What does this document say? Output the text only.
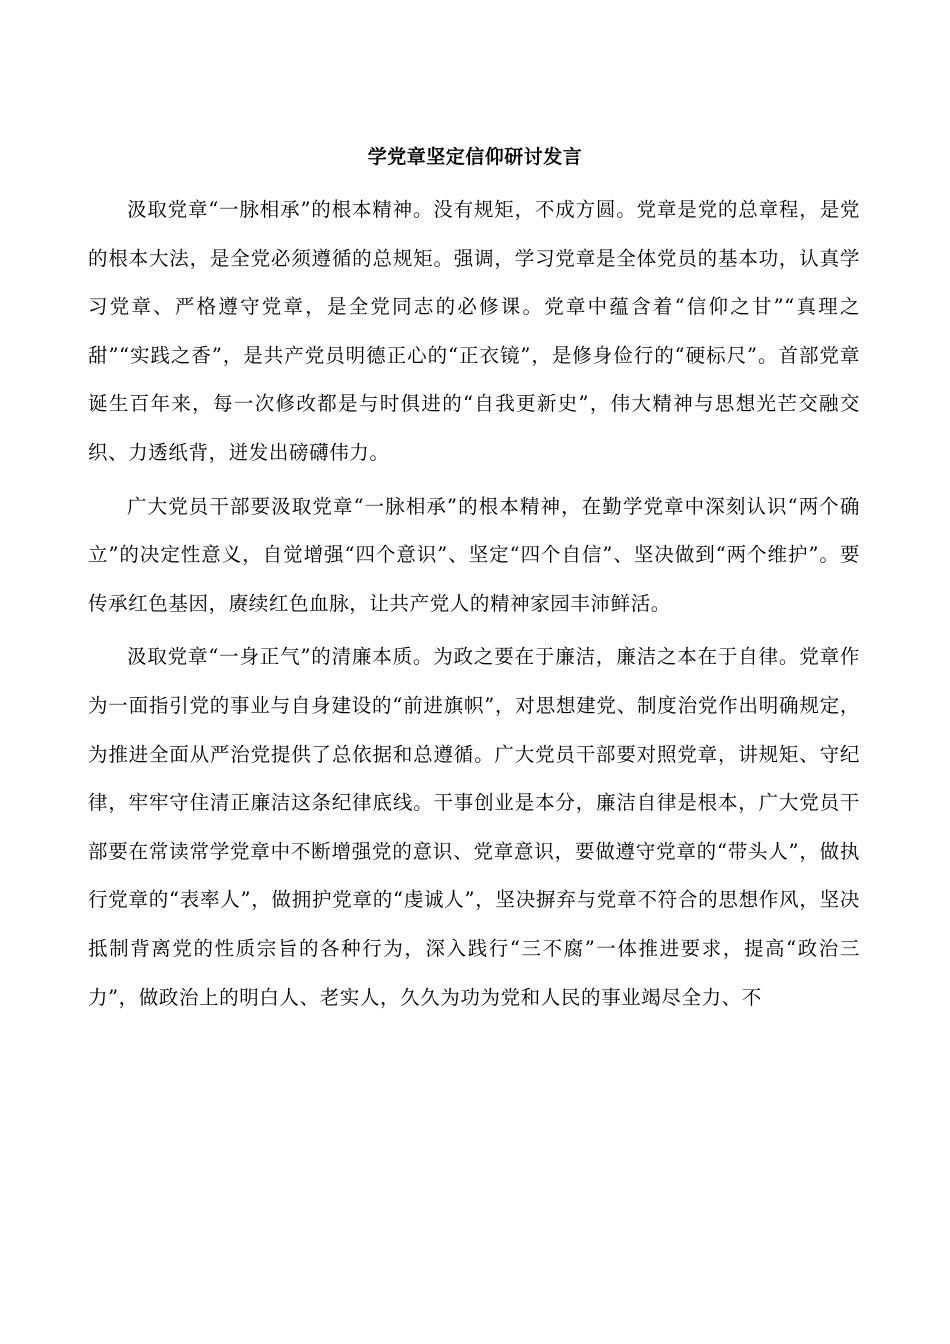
学党章坚定信仰研讨发言

汲取党章“一脉相承”的根本精神。没有规矩，不成方圆。党章是党的总章程，是党的根本大法，是全党必须遵循的总规矩。强调，学习党章是全体党员的基本功，认真学习党章、严格遵守党章，是全党同志的必修课。党章中蕴含着“信仰之甘”“真理之甜”“实践之香”，是共产党员明德正心的“正衣镜”，是修身俭行的“硬标尺”。首部党章诞生百年来，每一次修改都是与时俱进的“自我更新史”，伟大精神与思想光芒交融交织、力透纸背，迸发出磅礴伟力。

广大党员干部要汲取党章“一脉相承”的根本精神，在勤学党章中深刻认识“两个确立”的决定性意义，自觉增强“四个意识”、坚定“四个自信”、坚决做到“两个维护”。要传承红色基因，赓续红色血脉，让共产党人的精神家园丰沛鲜活。

汲取党章“一身正气”的清廉本质。为政之要在于廉洁，廉洁之本在于自律。党章作为一面指引党的事业与自身建设的“前进旗帜”，对思想建党、制度治党作出明确规定，为推进全面从严治党提供了总依据和总遵循。广大党员干部要对照党章，讲规矩、守纪律，牢牢守住清正廉洁这条纪律底线。干事创业是本分，廉洁自律是根本，广大党员干部要在常读常学党章中不断增强党的意识、党章意识，要做遵守党章的“带头人”，做执行党章的“表率人”，做拥护党章的“虔诚人”，坚决摒弃与党章不符合的思想作风，坚决抵制背离党的性质宗旨的各种行为，深入践行“三不腐”一体推进要求，提高“政治三力”，做政治上的明白人、老实人，久久为功为党和人民的事业竭尽全力、不
